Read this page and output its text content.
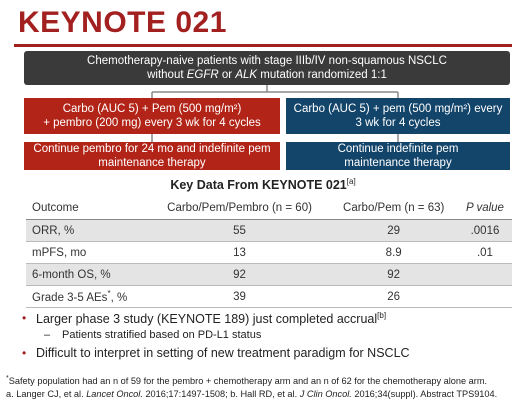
KEYNOTE 021
Chemotherapy-naive patients with stage IIIb/IV non-squamous NSCLC
without EGFR or ALK mutation randomized 1:1
Carbo (AUC 5) + Pem (500 mg/m²)
+ pembro (200 mg) every 3 wk for 4 cycles
Carbo (AUC 5) + pem (500 mg/m²) every
3 wk for 4 cycles
Continue pembro for 24 mo and indefinite pem
maintenance therapy
Continue indefinite pem
maintenance therapy
Key Data From KEYNOTE 021[a]
Outcome	Carbo/Pem/Pembro (n = 60)	Carbo/Pem (n = 63)	P value
ORR, %	55	29	.0016
mPFS, mo	13	8.9	.01
6-month OS, %	92	92	
Grade 3-5 AEs*, %	39	26	
• Larger phase 3 study (KEYNOTE 189) just completed accrual[b]
–	Patients stratified based on PD-L1 status
• Difficult to interpret in setting of new treatment paradigm for NSCLC
*Safety population had an n of 59 for the pembro + chemotherapy arm and an n of 62 for the chemotherapy alone arm.
a. Langer CJ, et al. Lancet Oncol. 2016;17:1497-1508; b. Hall RD, et al. J Clin Oncol. 2016;34(suppl). Abstract TPS9104.
